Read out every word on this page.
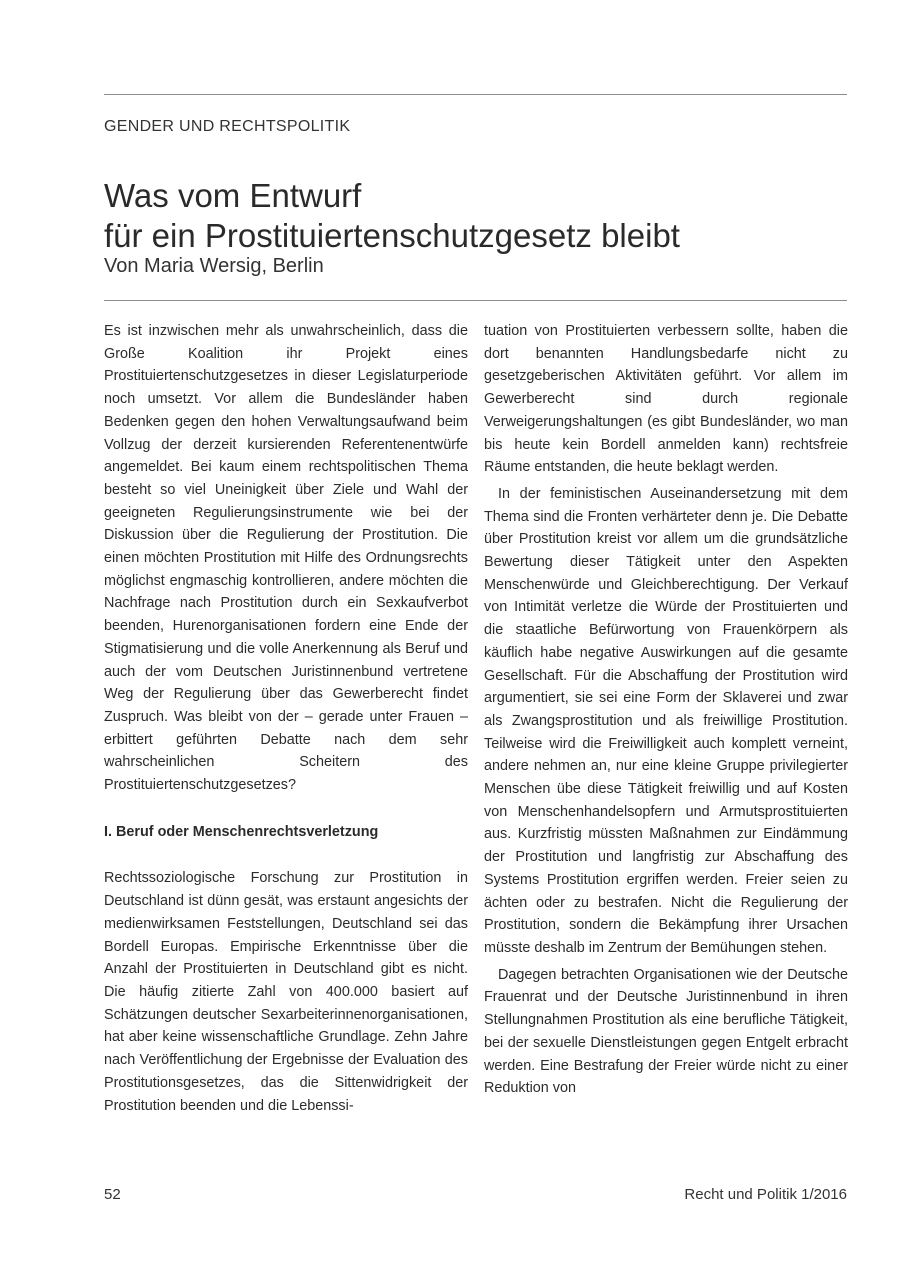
GENDER UND RECHTSPOLITIK
Was vom Entwurf
für ein Prostituiertenschutzgesetz bleibt
Von Maria Wersig, Berlin

Es ist inzwischen mehr als unwahrscheinlich, dass die Große Koalition ihr Projekt eines Prostituiertenschutzgesetzes in dieser Legislaturperiode noch umsetzt. Vor allem die Bundesländer haben Bedenken gegen den hohen Verwaltungsaufwand beim Vollzug der derzeit kursierenden Referentenentwürfe angemeldet. Bei kaum einem rechtspolitischen Thema besteht so viel Uneinigkeit über Ziele und Wahl der geeigneten Regulierungsinstrumente wie bei der Diskussion über die Regulierung der Prostitution. Die einen möchten Prostitution mit Hilfe des Ordnungsrechts möglichst engmaschig kontrollieren, andere möchten die Nachfrage nach Prostitution durch ein Sexkaufverbot beenden, Hurenorganisationen fordern eine Ende der Stigmatisierung und die volle Anerkennung als Beruf und auch der vom Deutschen Juristinnenbund vertretene Weg der Regulierung über das Gewerberecht findet Zuspruch. Was bleibt von der – gerade unter Frauen – erbittert geführten Debatte nach dem sehr wahrscheinlichen Scheitern des Prostituiertenschutzgesetzes?

I. Beruf oder Menschenrechtsverletzung

Rechtssoziologische Forschung zur Prostitution in Deutschland ist dünn gesät, was erstaunt angesichts der medienwirksamen Feststellungen, Deutschland sei das Bordell Europas. Empirische Erkenntnisse über die Anzahl der Prostituierten in Deutschland gibt es nicht. Die häufig zitierte Zahl von 400.000 basiert auf Schätzungen deutscher Sexarbeiterinnenorganisationen, hat aber keine wissenschaftliche Grundlage. Zehn Jahre nach Veröffentlichung der Ergebnisse der Evaluation des Prostitutionsgesetzes, das die Sittenwidrigkeit der Prostitution beenden und die Lebenssi-

tuation von Prostituierten verbessern sollte, haben die dort benannten Handlungsbedarfe nicht zu gesetzgeberischen Aktivitäten geführt. Vor allem im Gewerberecht sind durch regionale Verweigerungshaltungen (es gibt Bundesländer, wo man bis heute kein Bordell anmelden kann) rechtsfreie Räume entstanden, die heute beklagt werden.

In der feministischen Auseinandersetzung mit dem Thema sind die Fronten verhärteter denn je. Die Debatte über Prostitution kreist vor allem um die grundsätzliche Bewertung dieser Tätigkeit unter den Aspekten Menschenwürde und Gleichberechtigung. Der Verkauf von Intimität verletze die Würde der Prostituierten und die staatliche Befürwortung von Frauenkörpern als käuflich habe negative Auswirkungen auf die gesamte Gesellschaft. Für die Abschaffung der Prostitution wird argumentiert, sie sei eine Form der Sklaverei und zwar als Zwangsprostitution und als freiwillige Prostitution. Teilweise wird die Freiwilligkeit auch komplett verneint, andere nehmen an, nur eine kleine Gruppe privilegierter Menschen übe diese Tätigkeit freiwillig und auf Kosten von Menschenhandelsopfern und Armutsprostituierten aus. Kurzfristig müssten Maßnahmen zur Eindämmung der Prostitution und langfristig zur Abschaffung des Systems Prostitution ergriffen werden. Freier seien zu ächten oder zu bestrafen. Nicht die Regulierung der Prostitution, sondern die Bekämpfung ihrer Ursachen müsste deshalb im Zentrum der Bemühungen stehen.

Dagegen betrachten Organisationen wie der Deutsche Frauenrat und der Deutsche Juristinnenbund in ihren Stellungnahmen Prostitution als eine berufliche Tätigkeit, bei der sexuelle Dienstleistungen gegen Entgelt erbracht werden. Eine Bestrafung der Freier würde nicht zu einer Reduktion von

52	Recht und Politik 1/2016
